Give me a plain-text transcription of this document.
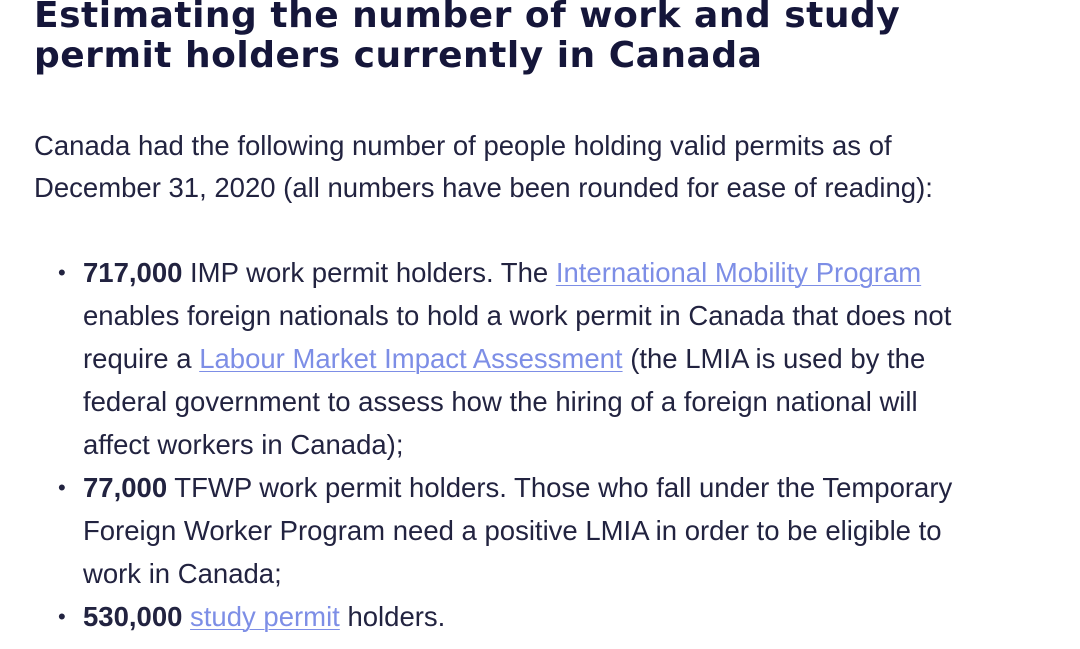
Estimating the number of work and study permit holders currently in Canada

Canada had the following number of people holding valid permits as of December 31, 2020 (all numbers have been rounded for ease of reading):

• 717,000 IMP work permit holders. The International Mobility Program enables foreign nationals to hold a work permit in Canada that does not require a Labour Market Impact Assessment (the LMIA is used by the federal government to assess how the hiring of a foreign national will affect workers in Canada);
• 77,000 TFWP work permit holders. Those who fall under the Temporary Foreign Worker Program need a positive LMIA in order to be eligible to work in Canada;
• 530,000 study permit holders.
